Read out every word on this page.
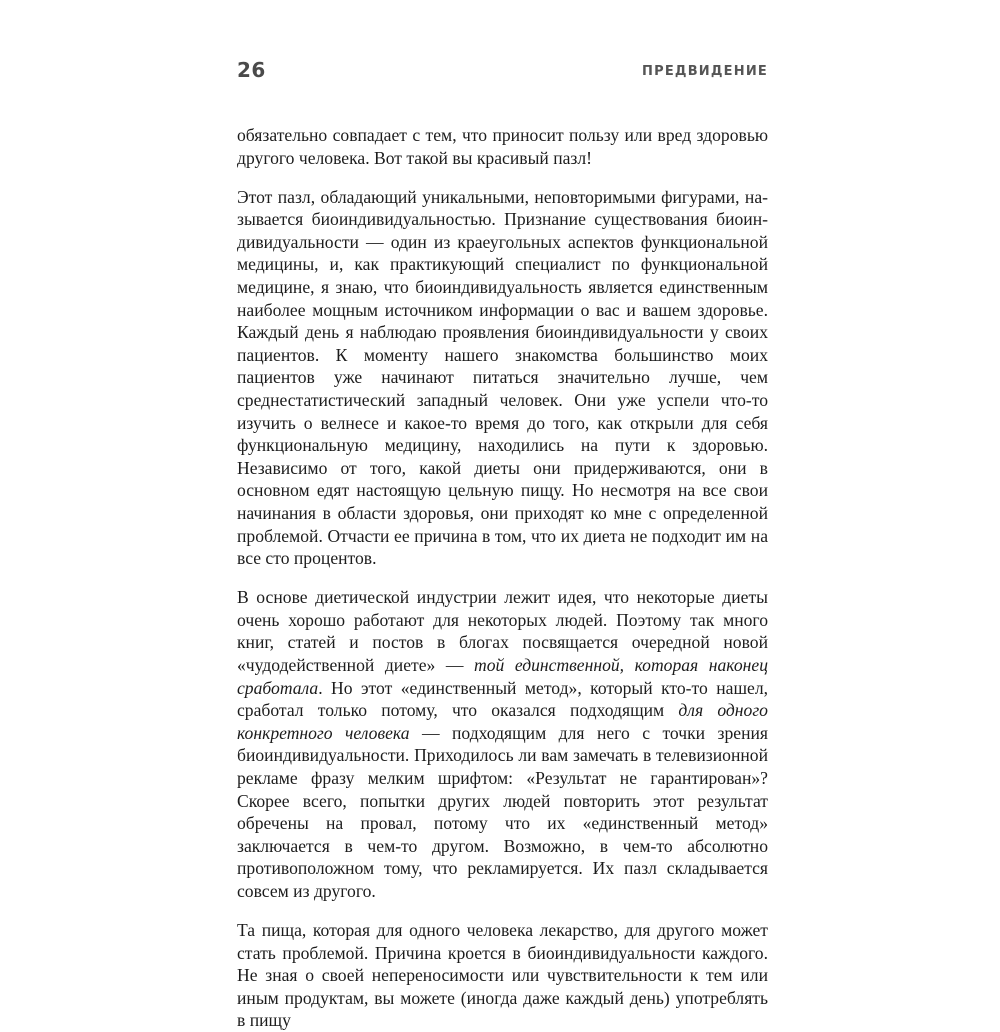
26	ПРЕДВИДЕНИЕ

обязательно совпадает с тем, что приносит пользу или вред здоровью другого человека. Вот такой вы красивый пазл!

Этот пазл, обладающий уникальными, неповторимыми фигурами, называется биоиндивидуальностью. Признание существования биоиндивидуальности — один из краеугольных аспектов функциональной медицины, и, как практикующий специалист по функциональной медицине, я знаю, что биоиндивидуальность является единственным наиболее мощным источником информации о вас и вашем здоровье. Каждый день я наблюдаю проявления биоиндивидуальности у своих пациентов. К моменту нашего знакомства большинство моих пациентов уже начинают питаться значительно лучше, чем среднестатистический западный человек. Они уже успели что-то изучить о велнесе и какое-то время до того, как открыли для себя функциональную медицину, находились на пути к здоровью. Независимо от того, какой диеты они придерживaются, они в основном едят настоящую цельную пищу. Но несмотря на все свои начинания в области здоровья, они приходят ко мне с определенной проблемой. Отчасти ее причина в том, что их диета не подходит им на все сто процентов.

В основе диетической индустрии лежит идея, что некоторые диеты очень хорошо работают для некоторых людей. Поэтому так много книг, статей и постов в блогах посвящается очередной новой «чудодейственной диете» — той единственной, которая наконец сработала. Но этот «единственный метод», который кто-то нашел, сработал только потому, что оказался подходящим для одного конкретного человека — подходящим для него с точки зрения биоиндивидуальности. Приходилось ли вам замечать в телевизионной рекламе фразу мелким шрифтом: «Результат не гарантирован»? Скорее всего, попытки других людей повторить этот результат обречены на провал, потому что их «единственный метод» заключается в чем-то другом. Возможно, в чем-то абсолютно противоположном тому, что рекламируется. Их пазл складывается совсем из другого.

Та пища, которая для одного человека лекарство, для другого может стать проблемой. Причина кроется в биоиндивидуальности каждого. Не зная о своей непереносимости или чувствительности к тем или иным продуктам, вы можете (иногда даже каждый день) употреблять в пищу
